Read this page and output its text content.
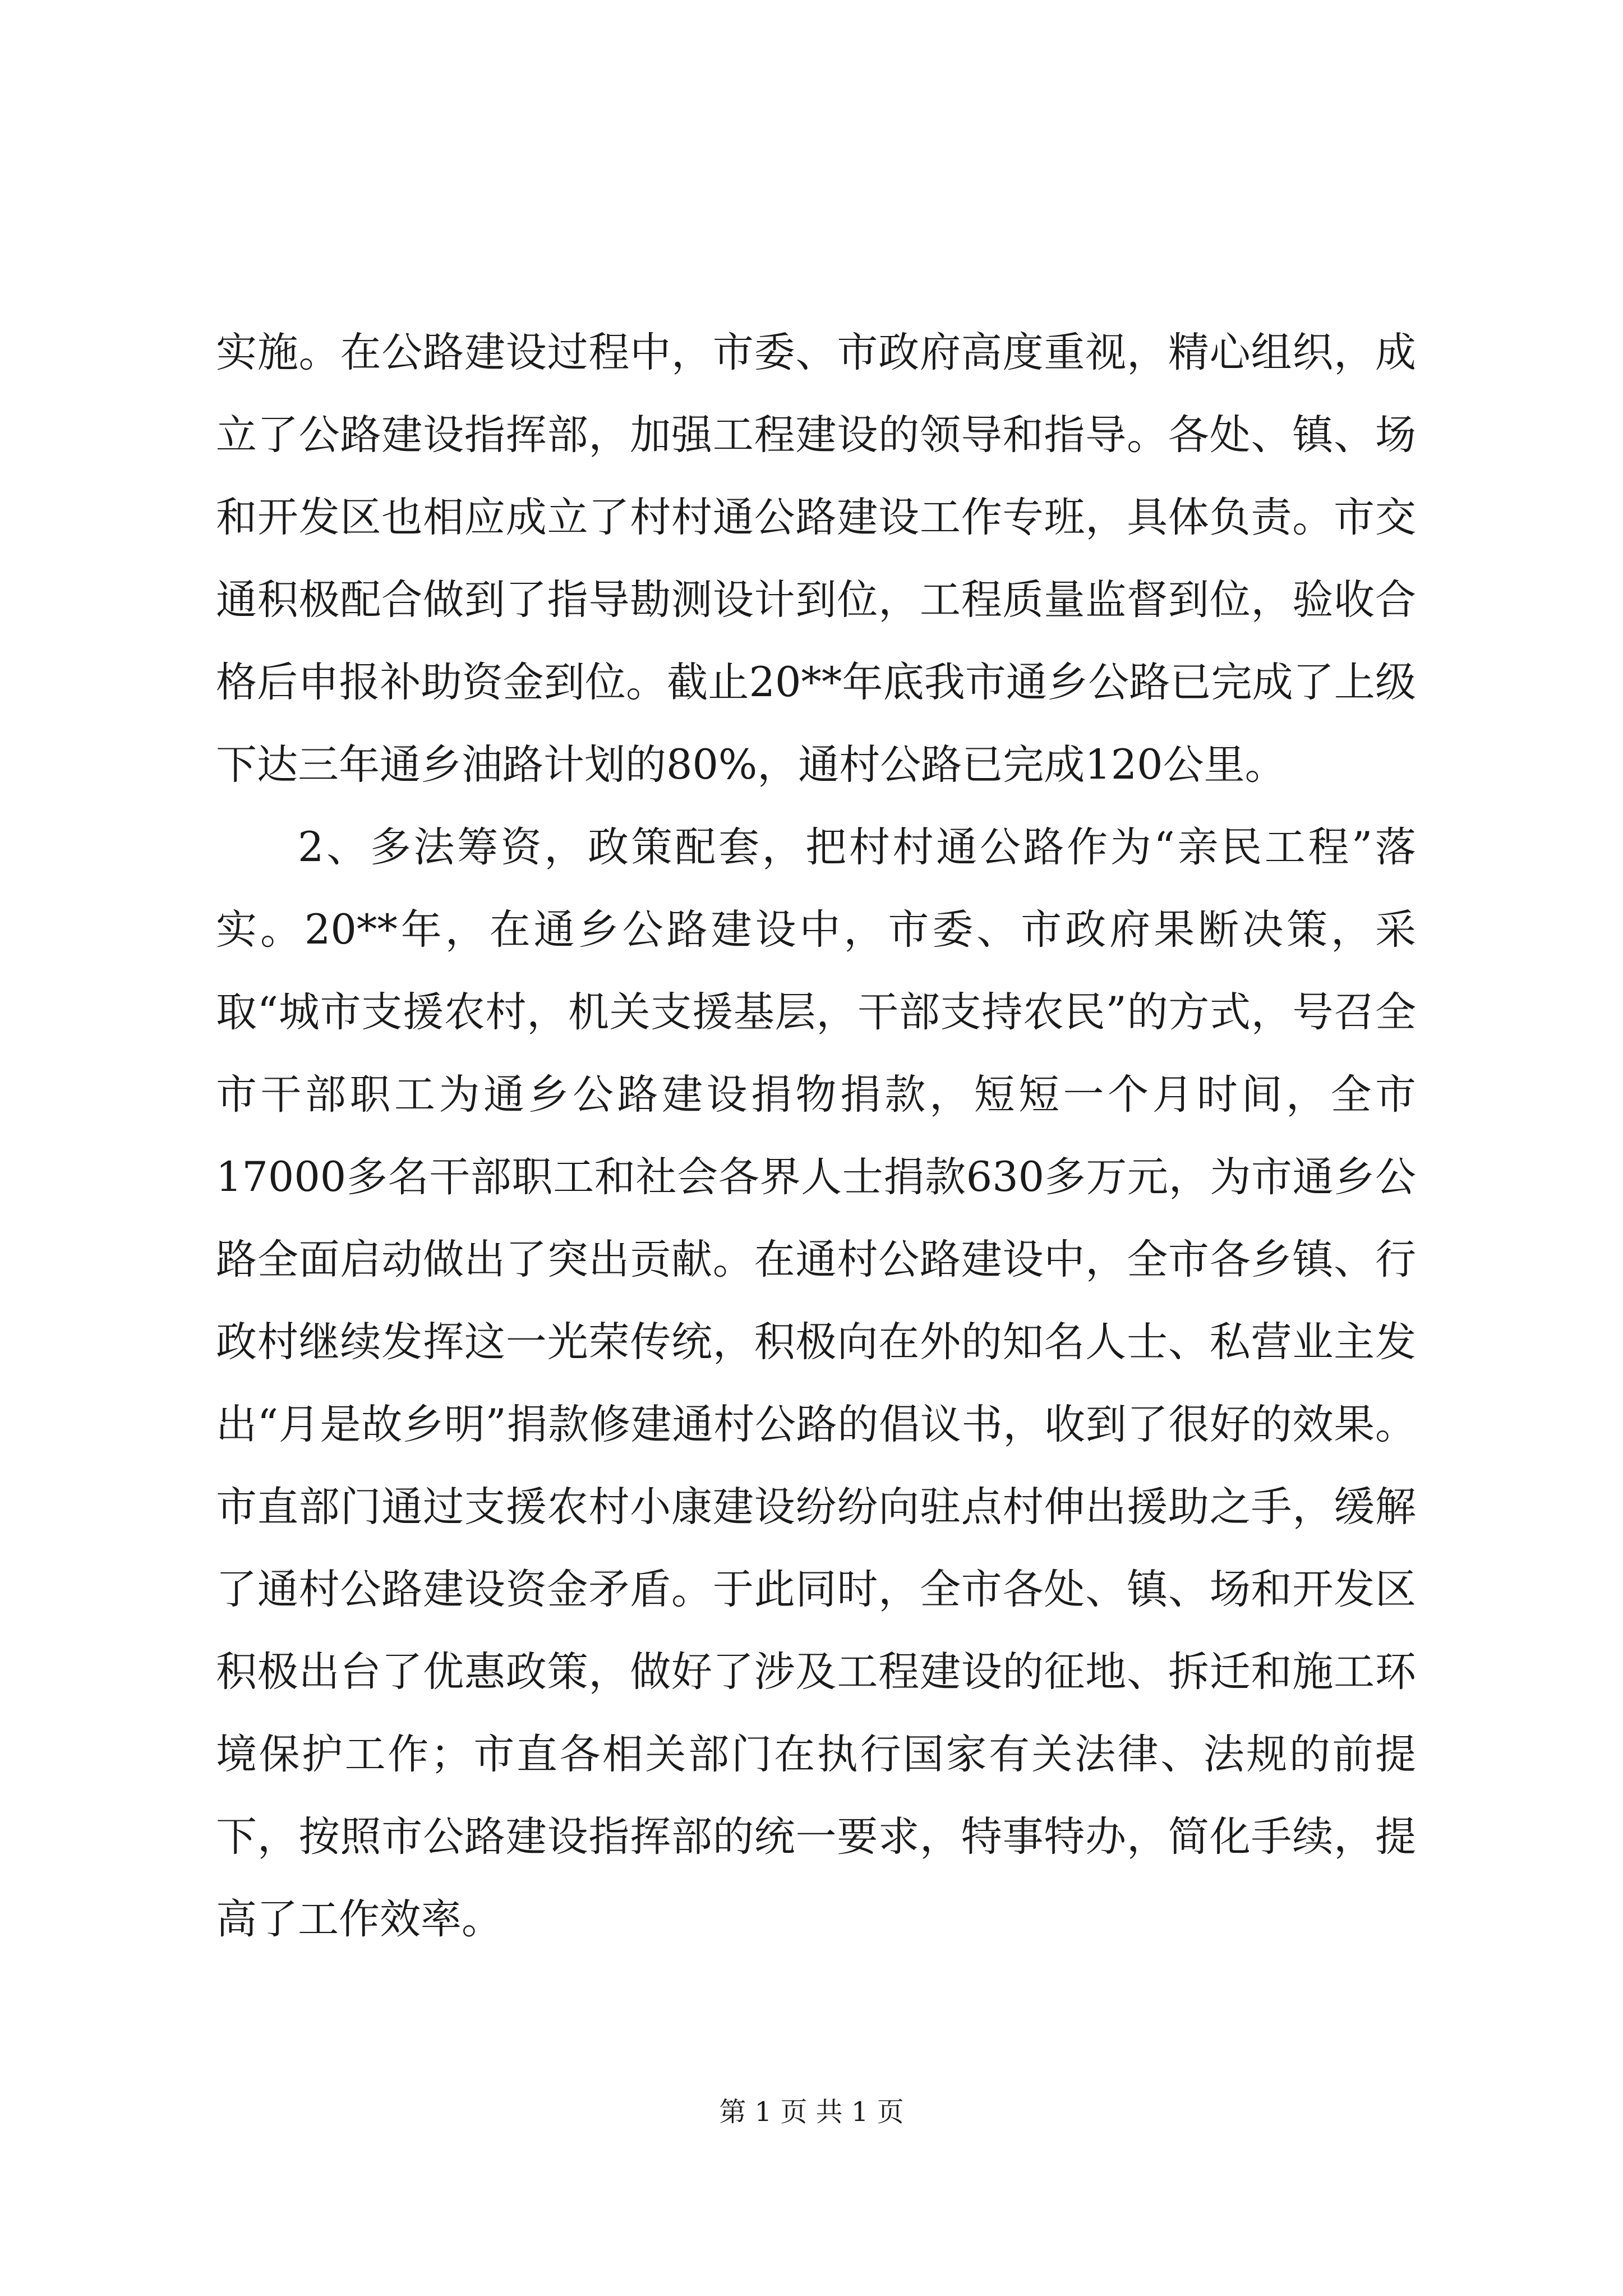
实施。在公路建设过程中，市委、市政府高度重视，精心组织，成立了公路建设指挥部，加强工程建设的领导和指导。各处、镇、场和开发区也相应成立了村村通公路建设工作专班，具体负责。市交通积极配合做到了指导勘测设计到位，工程质量监督到位，验收合格后申报补助资金到位。截止20**年底我市通乡公路已完成了上级下达三年通乡油路计划的80%，通村公路已完成120公里。

2、多法筹资，政策配套，把村村通公路作为“亲民工程”落实。20**年，在通乡公路建设中，市委、市政府果断决策，采取“城市支援农村，机关支援基层，干部支持农民”的方式，号召全市干部职工为通乡公路建设捐物捐款，短短一个月时间，全市17000多名干部职工和社会各界人士捐款630多万元，为市通乡公路全面启动做出了突出贡献。在通村公路建设中，全市各乡镇、行政村继续发挥这一光荣传统，积极向在外的知名人士、私营业主发出“月是故乡明”捐款修建通村公路的倡议书，收到了很好的效果。市直部门通过支援农村小康建设纷纷向驻点村伸出援助之手，缓解了通村公路建设资金矛盾。于此同时，全市各处、镇、场和开发区积极出台了优惠政策，做好了涉及工程建设的征地、拆迁和施工环境保护工作；市直各相关部门在执行国家有关法律、法规的前提下，按照市公路建设指挥部的统一要求，特事特办，简化手续，提高了工作效率。

第 1 页 共 1 页
